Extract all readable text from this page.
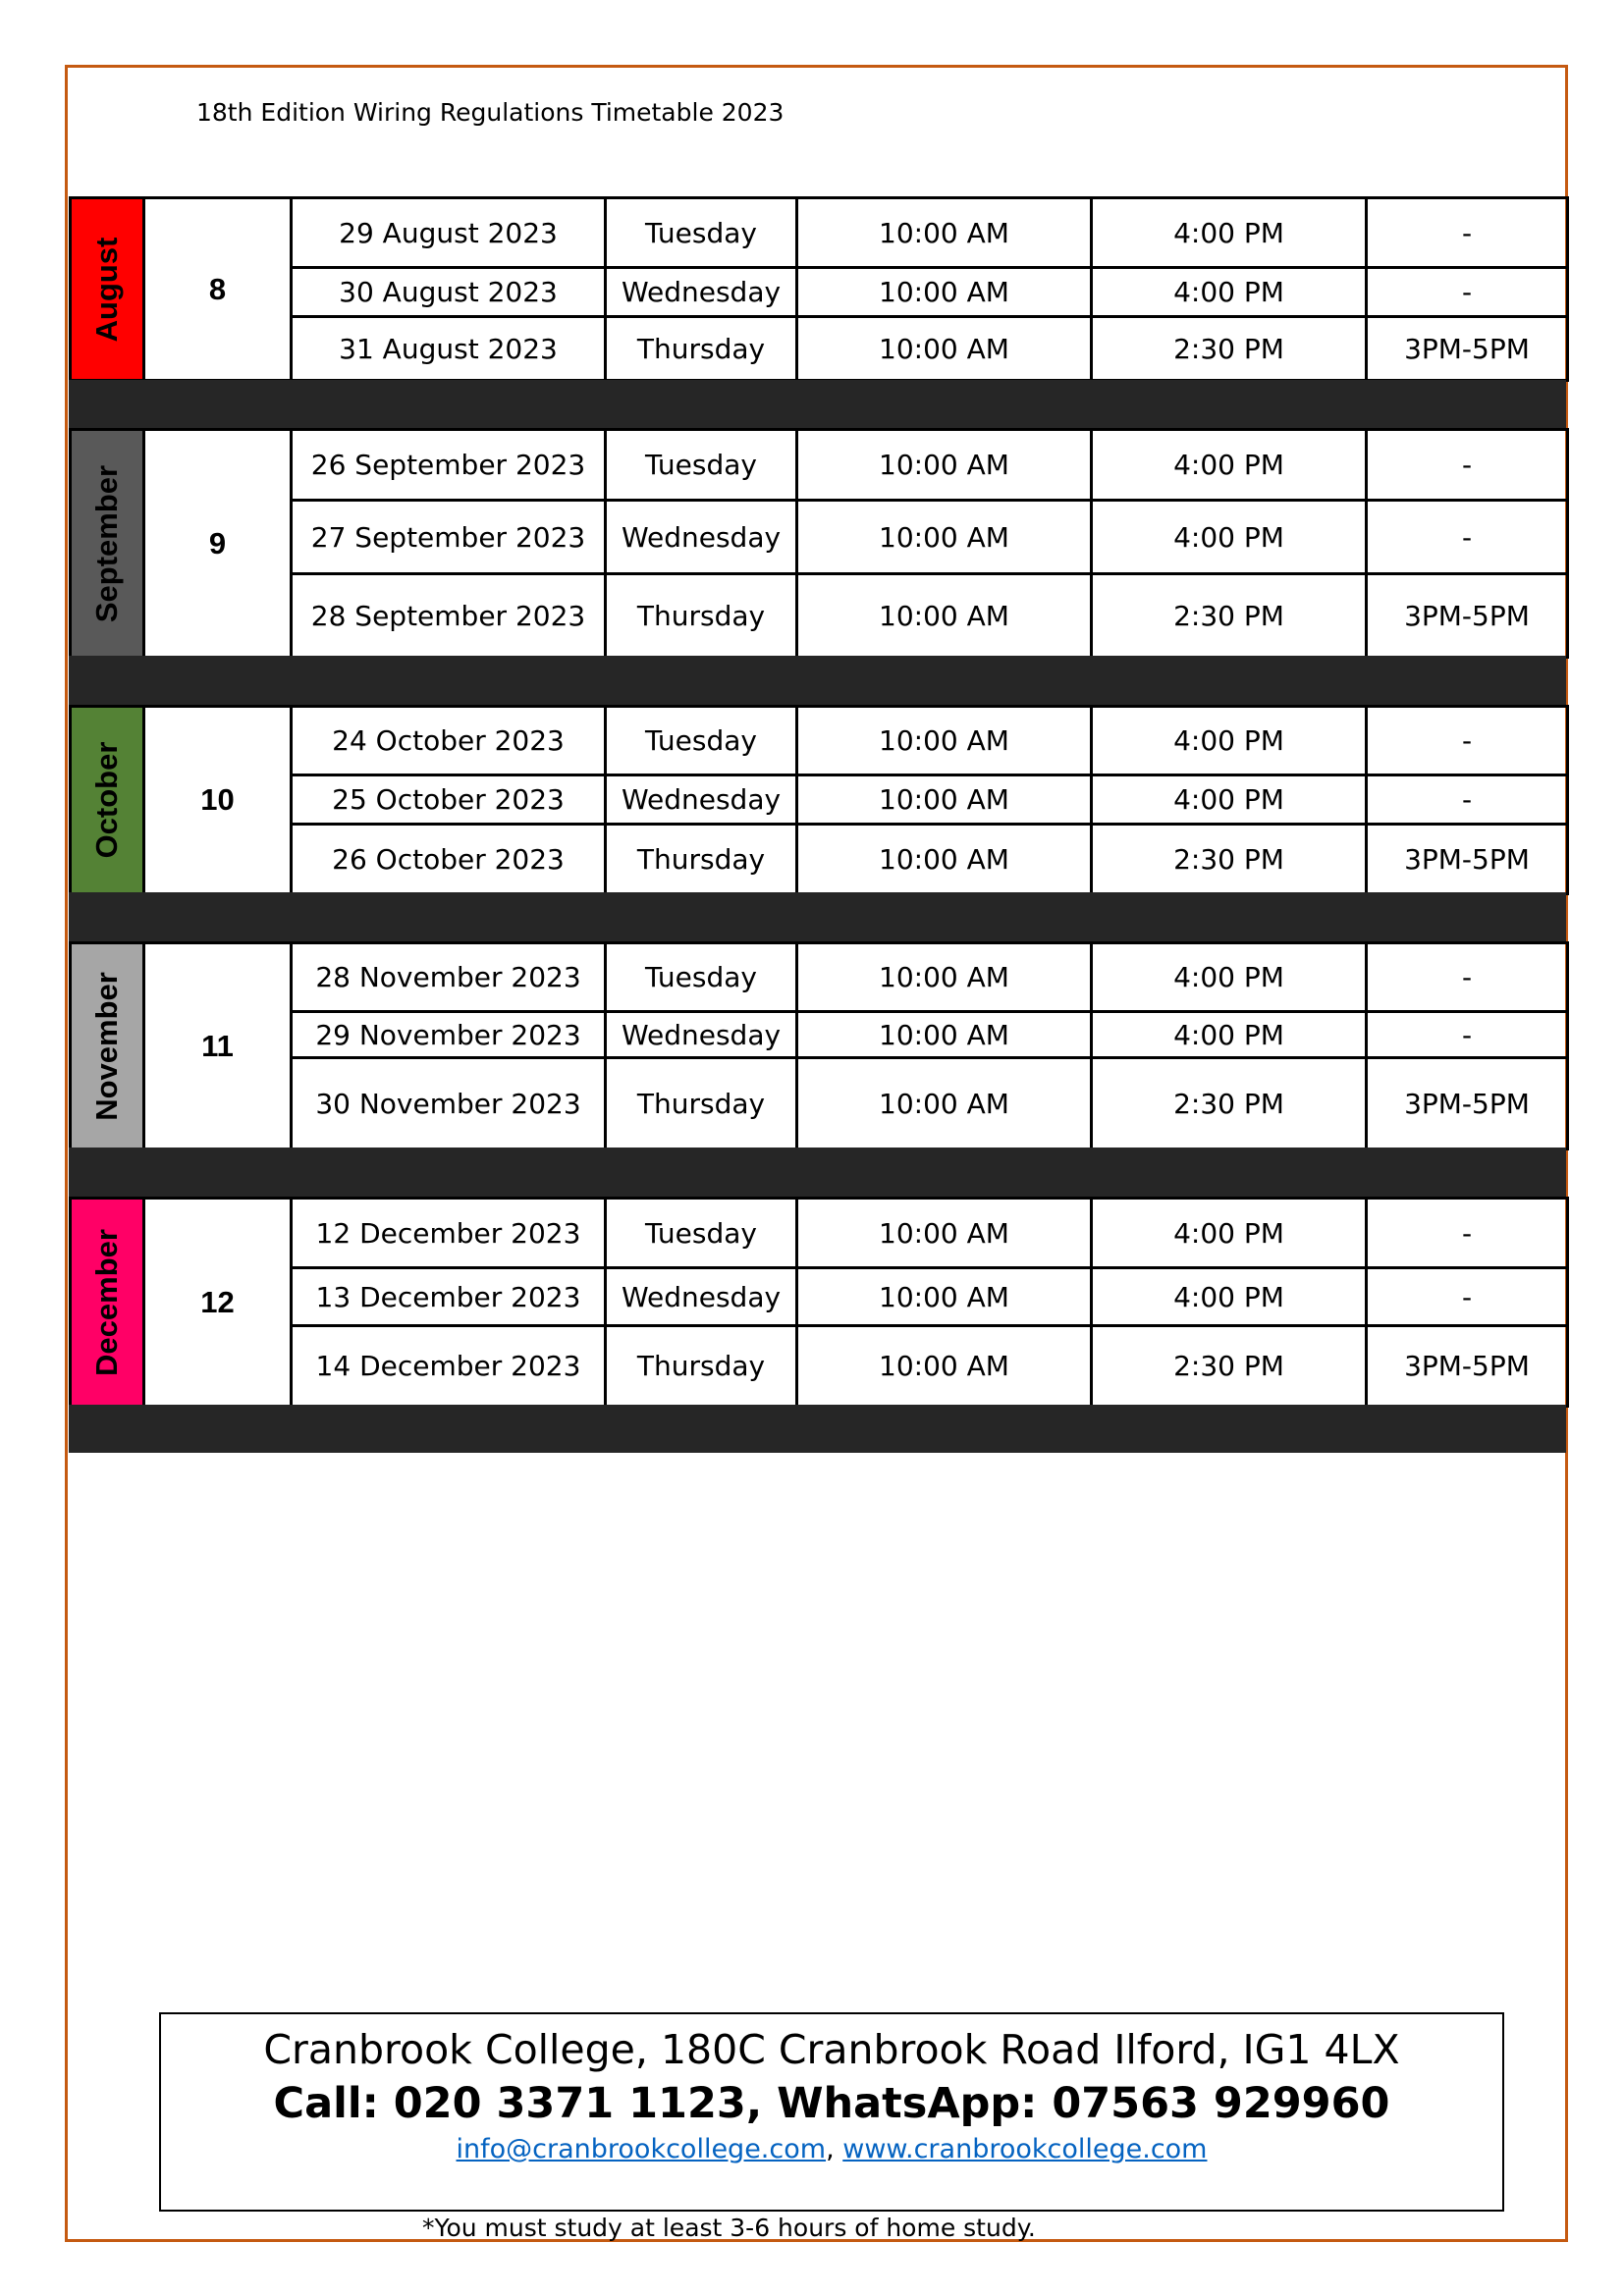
18th Edition Wiring Regulations Timetable 2023
August	8	29 August 2023	Tuesday	10:00 AM	4:00 PM	-
		30 August 2023	Wednesday	10:00 AM	4:00 PM	-
		31 August 2023	Thursday	10:00 AM	2:30 PM	3PM-5PM
September	9	26 September 2023	Tuesday	10:00 AM	4:00 PM	-
		27 September 2023	Wednesday	10:00 AM	4:00 PM	-
		28 September 2023	Thursday	10:00 AM	2:30 PM	3PM-5PM
October	10	24 October 2023	Tuesday	10:00 AM	4:00 PM	-
		25 October 2023	Wednesday	10:00 AM	4:00 PM	-
		26 October 2023	Thursday	10:00 AM	2:30 PM	3PM-5PM
November	11	28 November 2023	Tuesday	10:00 AM	4:00 PM	-
		29 November 2023	Wednesday	10:00 AM	4:00 PM	-
		30 November 2023	Thursday	10:00 AM	2:30 PM	3PM-5PM
December	12	12 December 2023	Tuesday	10:00 AM	4:00 PM	-
		13 December 2023	Wednesday	10:00 AM	4:00 PM	-
		14 December 2023	Thursday	10:00 AM	2:30 PM	3PM-5PM
Cranbrook College, 180C Cranbrook Road Ilford, IG1 4LX
Call: 020 3371 1123, WhatsApp: 07563 929960
info@cranbrookcollege.com, www.cranbrookcollege.com
*You must study at least 3-6 hours of home study.
